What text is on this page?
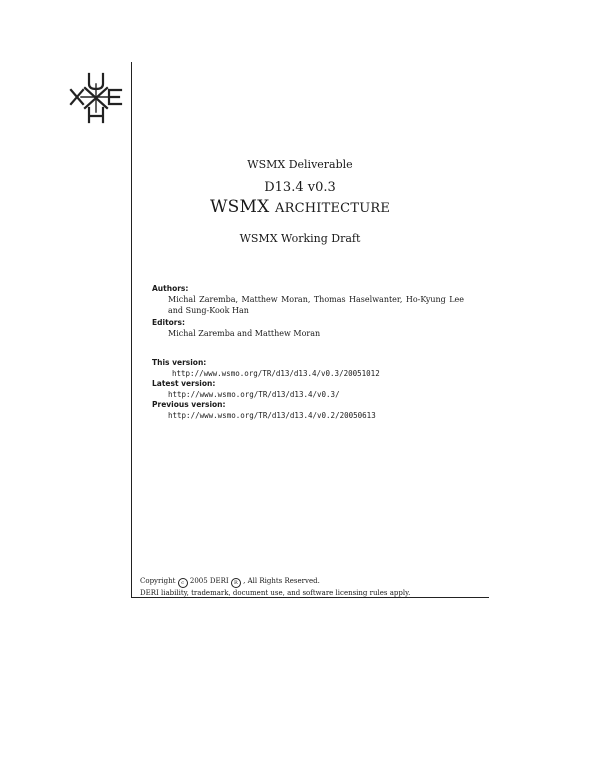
WSMX Deliverable
D13.4 v0.3
WSMX ARCHITECTURE
WSMX Working Draft
Authors:
Michal Zaremba, Matthew Moran, Thomas Haselwanter, Ho-Kyung Lee and Sung-Kook Han
Editors:
Michal Zaremba and Matthew Moran
This version:
http://www.wsmo.org/TR/d13/d13.4/v0.3/20051012
Latest version:
http://www.wsmo.org/TR/d13/d13.4/v0.3/
Previous version:
http://www.wsmo.org/TR/d13/d13.4/v0.2/20050613
Copyright c 2005 DERI R , All Rights Reserved.
DERI liability, trademark, document use, and software licensing rules apply.
